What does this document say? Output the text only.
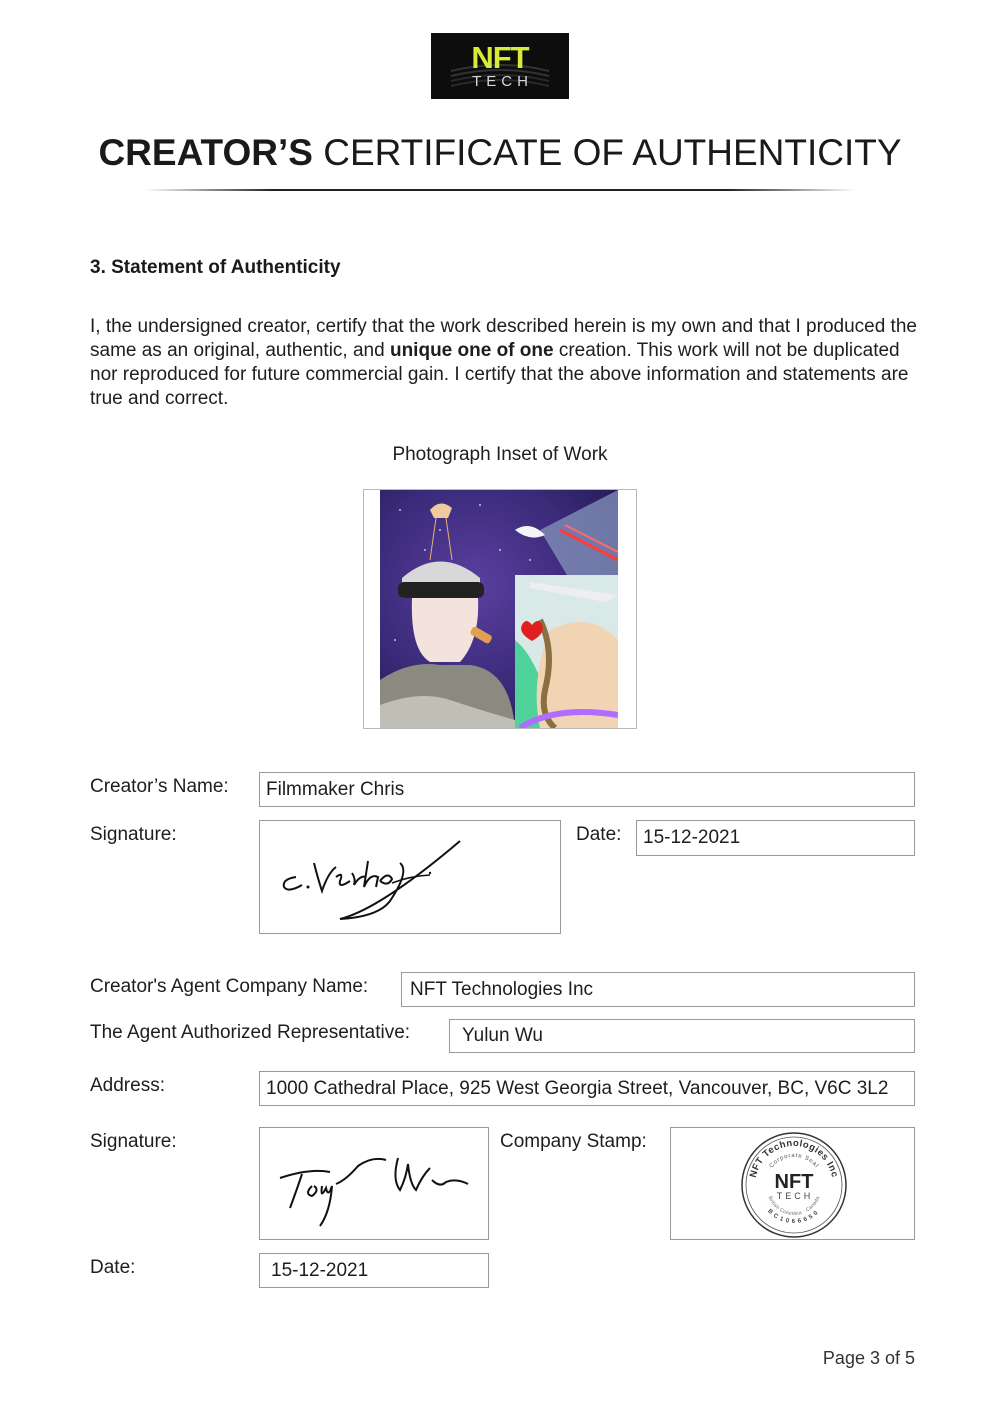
NFT
TECH
CREATOR’S CERTIFICATE OF AUTHENTICITY
3. Statement of Authenticity

I, the undersigned creator, certify that the work described herein is my own and that I produced the same as an original, authentic, and unique one of one creation. This work will not be duplicated nor reproduced for future commercial gain. I certify that the above information and statements are true and correct.

Photograph Inset of Work
Creator’s Name:	Filmmaker Chris
Signature:	Date:	15-12-2021
Creator's Agent Company Name:	NFT Technologies Inc
The Agent Authorized Representative:	Yulun Wu
Address:	1000 Cathedral Place, 925 West Georgia Street, Vancouver, BC, V6C 3L2
Signature:	Company Stamp:
NFT Technologies Inc
Corporate Seal
NFT
TECH
British Columbia · Canada
BC1066650
Date:	15-12-2021
Page 3 of 5
